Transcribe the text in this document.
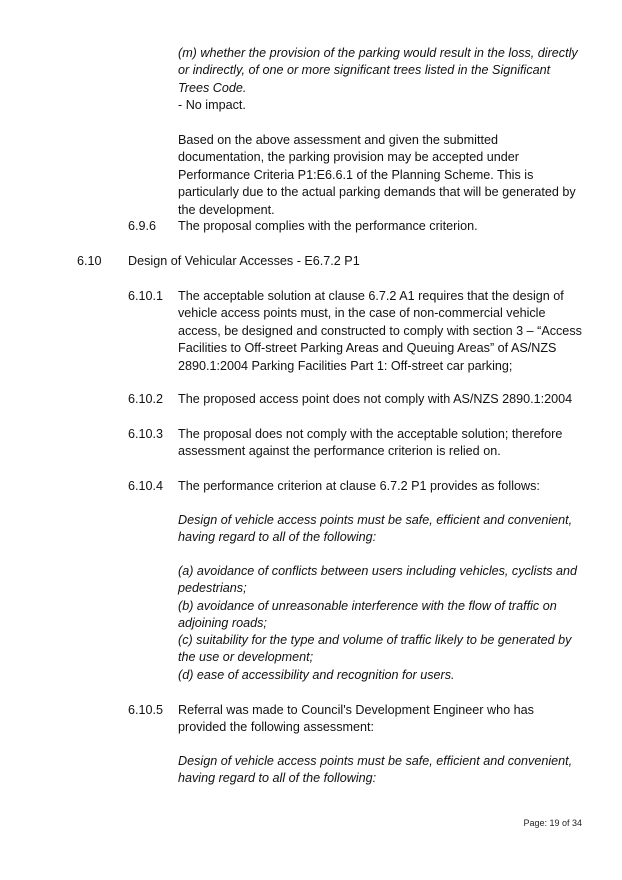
(m) whether the provision of the parking would result in the loss, directly or indirectly, of one or more significant trees listed in the Significant Trees Code.

- No impact.

Based on the above assessment and given the submitted documentation, the parking provision may be accepted under Performance Criteria P1:E6.6.1 of the Planning Scheme. This is particularly due to the actual parking demands that will be generated by the development.

6.9.6 The proposal complies with the performance criterion.

6.10 Design of Vehicular Accesses - E6.7.2 P1

6.10.1 The acceptable solution at clause 6.7.2 A1 requires that the design of vehicle access points must, in the case of non-commercial vehicle access, be designed and constructed to comply with section 3 – “Access Facilities to Off-street Parking Areas and Queuing Areas” of AS/NZS 2890.1:2004 Parking Facilities Part 1: Off-street car parking;

6.10.2 The proposed access point does not comply with AS/NZS 2890.1:2004

6.10.3 The proposal does not comply with the acceptable solution; therefore assessment against the performance criterion is relied on.

6.10.4 The performance criterion at clause 6.7.2 P1 provides as follows:

Design of vehicle access points must be safe, efficient and convenient, having regard to all of the following:

(a) avoidance of conflicts between users including vehicles, cyclists and pedestrians;

(b) avoidance of unreasonable interference with the flow of traffic on adjoining roads;

(c) suitability for the type and volume of traffic likely to be generated by the use or development;

(d) ease of accessibility and recognition for users.

6.10.5 Referral was made to Council's Development Engineer who has provided the following assessment:

Design of vehicle access points must be safe, efficient and convenient, having regard to all of the following:

Page: 19 of 34
